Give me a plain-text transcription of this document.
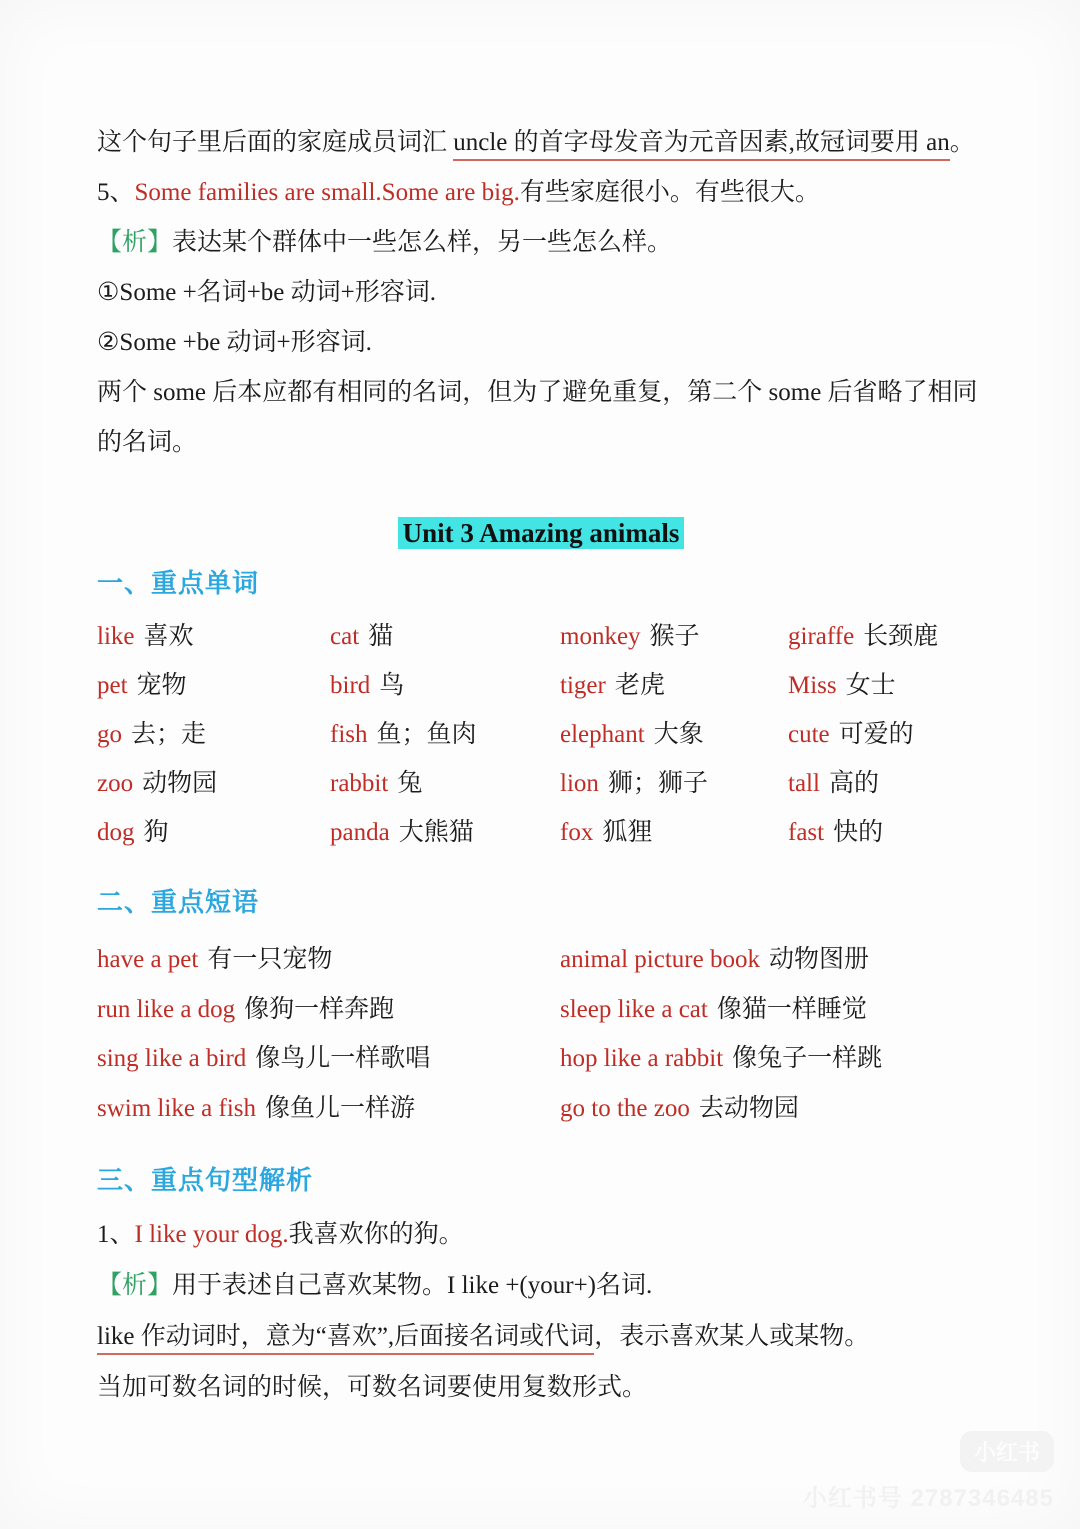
这个句子里后面的家庭成员词汇 uncle 的首字母发音为元音因素,故冠词要用 an。

5、Some families are small.Some are big.有些家庭很小。有些很大。

【析】表达某个群体中一些怎么样，另一些怎么样。

①Some +名词+be 动词+形容词.

②Some +be 动词+形容词.

两个 some 后本应都有相同的名词，但为了避免重复，第二个 some 后省略了相同

的名词。

Unit 3 Amazing animals
一、重点单词
like 喜欢	cat 猫	monkey 猴子	giraffe 长颈鹿
pet 宠物	bird 鸟	tiger 老虎	Miss 女士
go 去；走	fish 鱼；鱼肉	elephant 大象	cute 可爱的
zoo 动物园	rabbit 兔	lion 狮；狮子	tall 高的
dog 狗	panda 大熊猫	fox 狐狸	fast 快的
二、重点短语
have a pet 有一只宠物	animal picture book 动物图册
run like a dog 像狗一样奔跑	sleep like a cat 像猫一样睡觉
sing like a bird 像鸟儿一样歌唱	hop like a rabbit 像兔子一样跳
swim like a fish 像鱼儿一样游	go to the zoo 去动物园
三、重点句型解析

1、I like your dog.我喜欢你的狗。

【析】用于表述自己喜欢某物。I like +(your+)名词.

like 作动词时，意为“喜欢”,后面接名词或代词，表示喜欢某人或某物。

当加可数名词的时候，可数名词要使用复数形式。

小红书
小红书号 2787346485
